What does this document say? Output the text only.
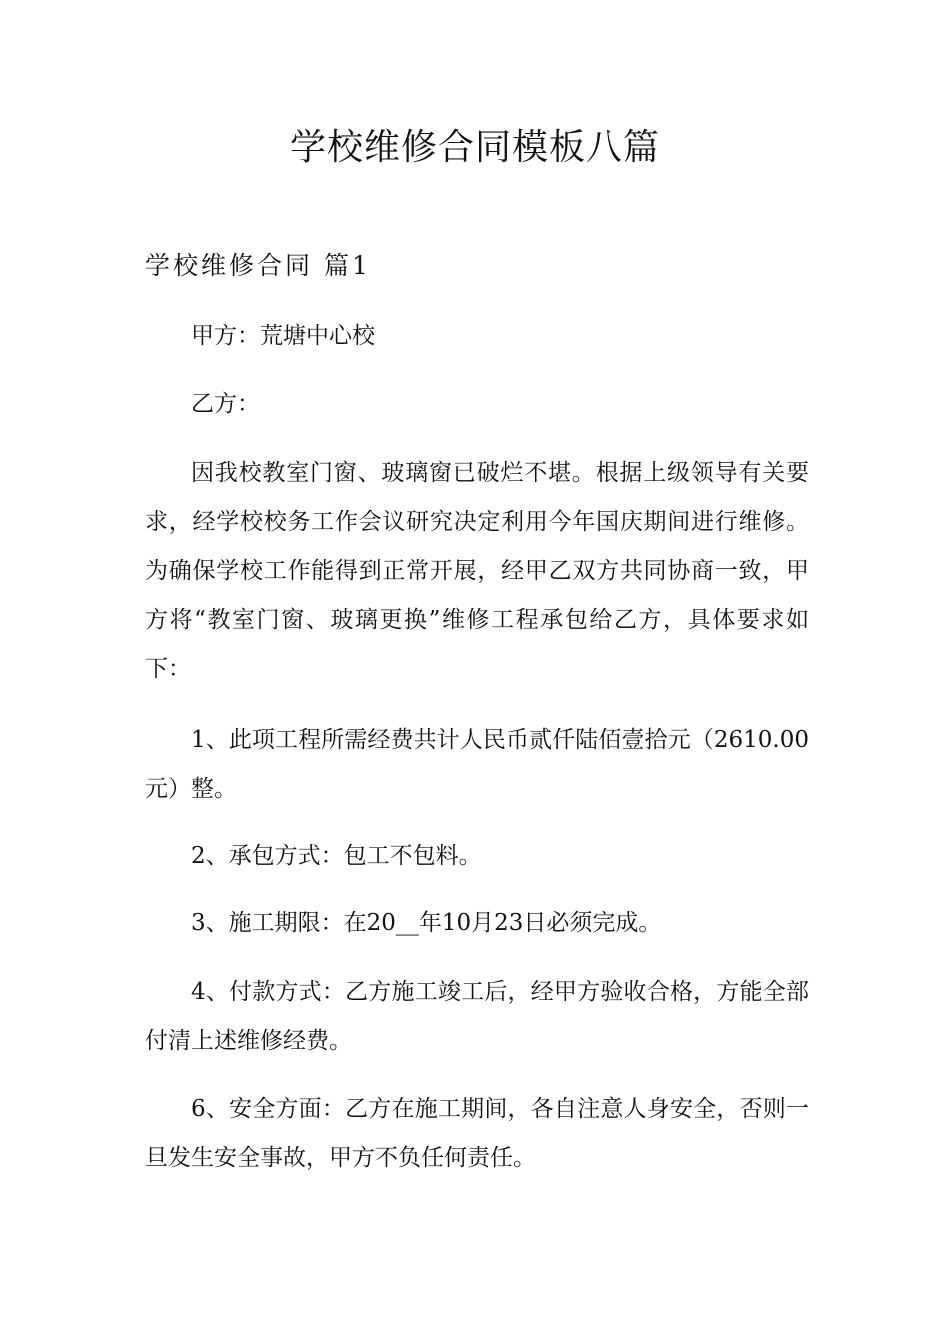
学校维修合同模板八篇
学校维修合同 篇1

甲方：荒塘中心校

乙方：

因我校教室门窗、玻璃窗已破烂不堪。根据上级领导有关要求，经学校校务工作会议研究决定利用今年国庆期间进行维修。为确保学校工作能得到正常开展，经甲乙双方共同协商一致，甲方将“教室门窗、玻璃更换”维修工程承包给乙方，具体要求如下：

1、此项工程所需经费共计人民币贰仟陆佰壹拾元（2610.00元）整。

2、承包方式：包工不包料。

3、施工期限：在20__年10月23日必须完成。

4、付款方式：乙方施工竣工后，经甲方验收合格，方能全部付清上述维修经费。

6、安全方面：乙方在施工期间，各自注意人身安全，否则一旦发生安全事故，甲方不负任何责任。
